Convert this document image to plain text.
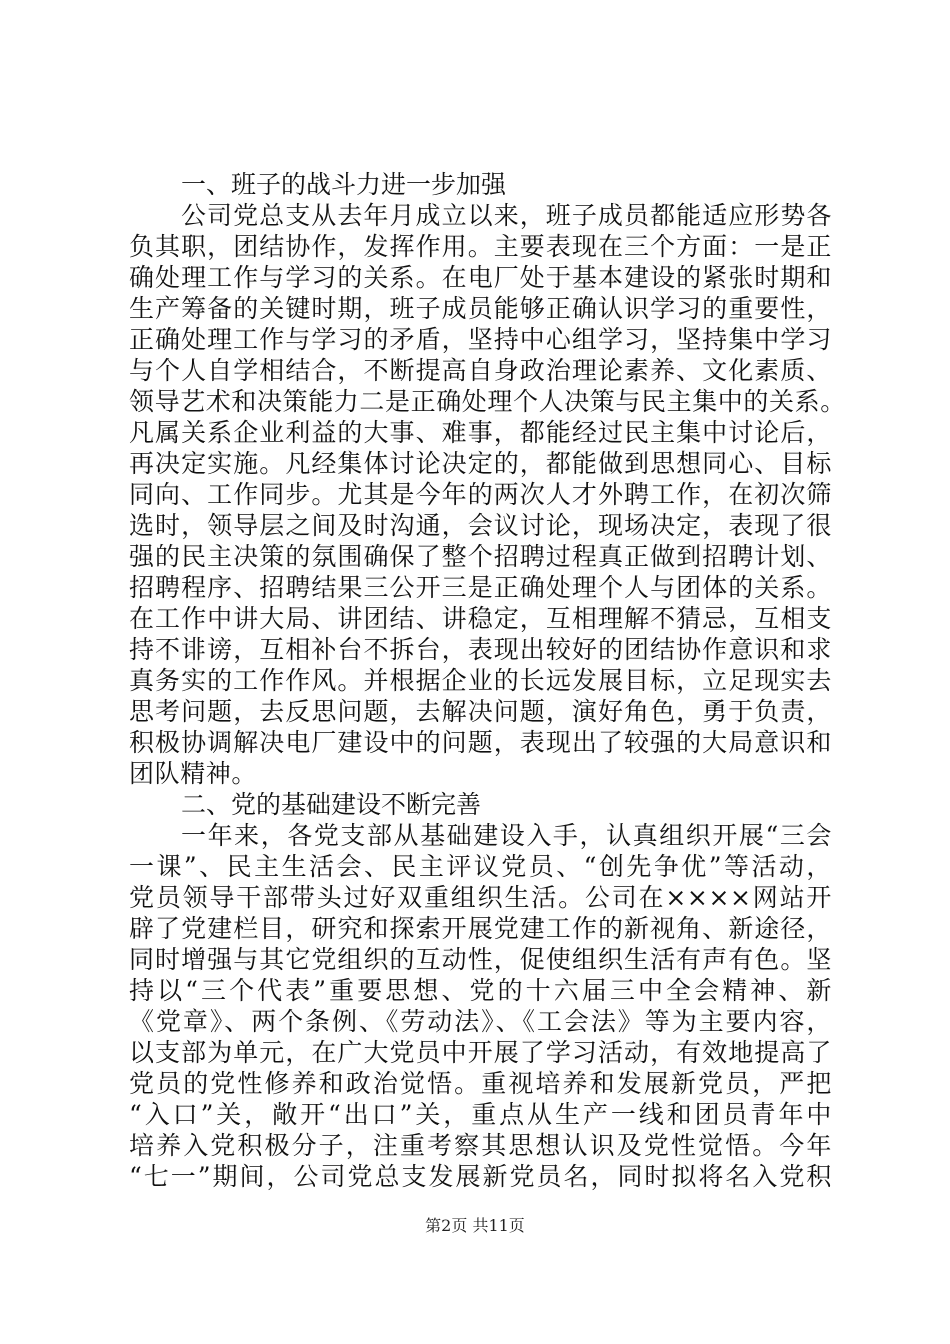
一、班子的战斗力进一步加强
公司党总支从去年月成立以来，班子成员都能适应形势各
负其职，团结协作，发挥作用。主要表现在三个方面：一是正
确处理工作与学习的关系。在电厂处于基本建设的紧张时期和
生产筹备的关键时期，班子成员能够正确认识学习的重要性，
正确处理工作与学习的矛盾，坚持中心组学习，坚持集中学习
与个人自学相结合，不断提高自身政治理论素养、文化素质、
领导艺术和决策能力二是正确处理个人决策与民主集中的关系。
凡属关系企业利益的大事、难事，都能经过民主集中讨论后，
再决定实施。凡经集体讨论决定的，都能做到思想同心、目标
同向、工作同步。尤其是今年的两次人才外聘工作，在初次筛
选时，领导层之间及时沟通，会议讨论，现场决定，表现了很
强的民主决策的氛围确保了整个招聘过程真正做到招聘计划、
招聘程序、招聘结果三公开三是正确处理个人与团体的关系。
在工作中讲大局、讲团结、讲稳定，互相理解不猜忌，互相支
持不诽谤，互相补台不拆台，表现出较好的团结协作意识和求
真务实的工作作风。并根据企业的长远发展目标，立足现实去
思考问题，去反思问题，去解决问题，演好角色，勇于负责，
积极协调解决电厂建设中的问题，表现出了较强的大局意识和
团队精神。
二、党的基础建设不断完善
一年来，各党支部从基础建设入手，认真组织开展“三会
一课”、民主生活会、民主评议党员、“创先争优”等活动，
党员领导干部带头过好双重组织生活。公司在××××网站开
辟了党建栏目，研究和探索开展党建工作的新视角、新途径，
同时增强与其它党组织的互动性，促使组织生活有声有色。坚
持以“三个代表”重要思想、党的十六届三中全会精神、新
《党章》、两个条例、《劳动法》、《工会法》等为主要内容，
以支部为单元，在广大党员中开展了学习活动，有效地提高了
党员的党性修养和政治觉悟。重视培养和发展新党员，严把
“入口”关，敞开“出口”关，重点从生产一线和团员青年中
培养入党积极分子，注重考察其思想认识及党性觉悟。今年
“七一”期间，公司党总支发展新党员名，同时拟将名入党积
第2页 共11页
